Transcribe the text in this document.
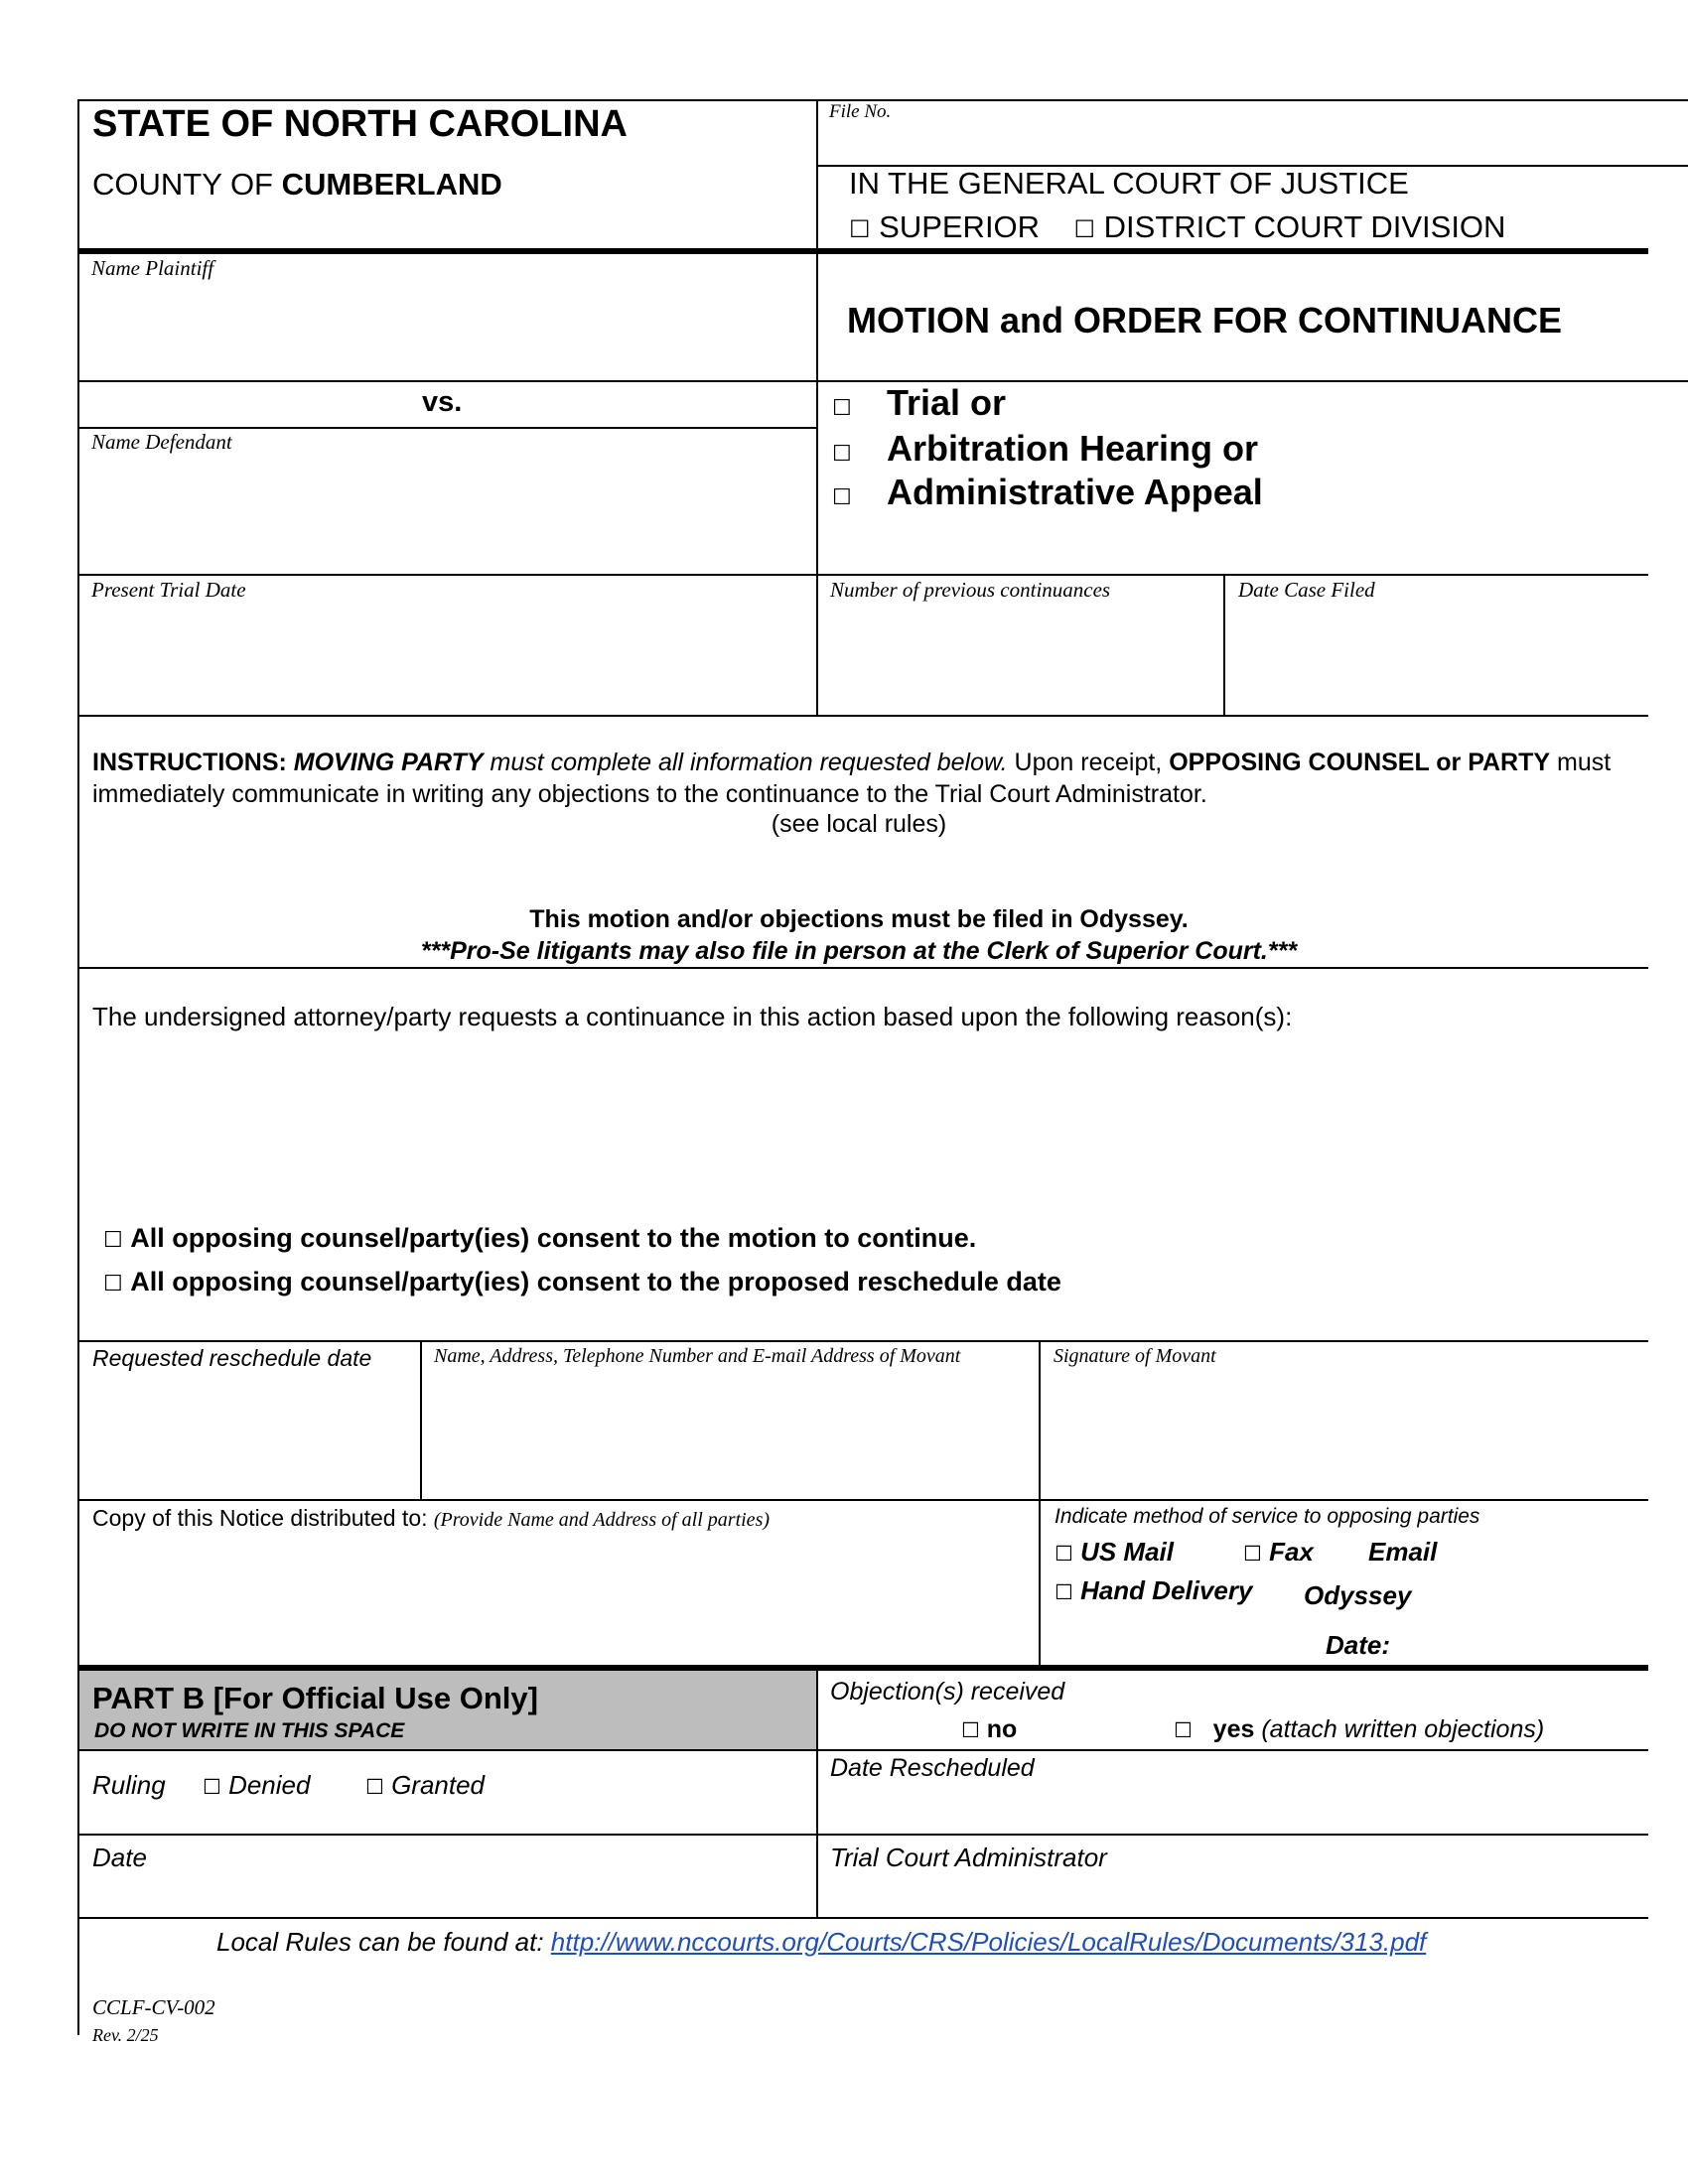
STATE OF NORTH CAROLINA
COUNTY OF CUMBERLAND
File No.
IN THE GENERAL COURT OF JUSTICE
☐ SUPERIOR ☐ DISTRICT COURT DIVISION
Name Plaintiff
vs.
Name Defendant
MOTION and ORDER FOR CONTINUANCE
☐ Trial or
☐ Arbitration Hearing or
☐ Administrative Appeal
Present Trial Date	Number of previous continuances	Date Case Filed
INSTRUCTIONS: MOVING PARTY must complete all information requested below. Upon receipt, OPPOSING COUNSEL or PARTY must immediately communicate in writing any objections to the continuance to the Trial Court Administrator.
(see local rules)
This motion and/or objections must be filed in Odyssey.
***Pro-Se litigants may also file in person at the Clerk of Superior Court.***
The undersigned attorney/party requests a continuance in this action based upon the following reason(s):
☐ All opposing counsel/party(ies) consent to the motion to continue.
☐ All opposing counsel/party(ies) consent to the proposed reschedule date
Requested reschedule date	Name, Address, Telephone Number and E-mail Address of Movant	Signature of Movant
Copy of this Notice distributed to: (Provide Name and Address of all parties)	Indicate method of service to opposing parties
☐ US Mail	☐ Fax Email
☐ Hand Delivery Odyssey
Date:
PART B [For Official Use Only]
DO NOT WRITE IN THIS SPACE
Objection(s) received
☐ no	☐ yes (attach written objections)
Ruling ☐ Denied	☐ Granted
Date Rescheduled
Date	Trial Court Administrator
Local Rules can be found at: http://www.nccourts.org/Courts/CRS/Policies/LocalRules/Documents/313.pdf
CCLF-CV-002
Rev. 2/25
